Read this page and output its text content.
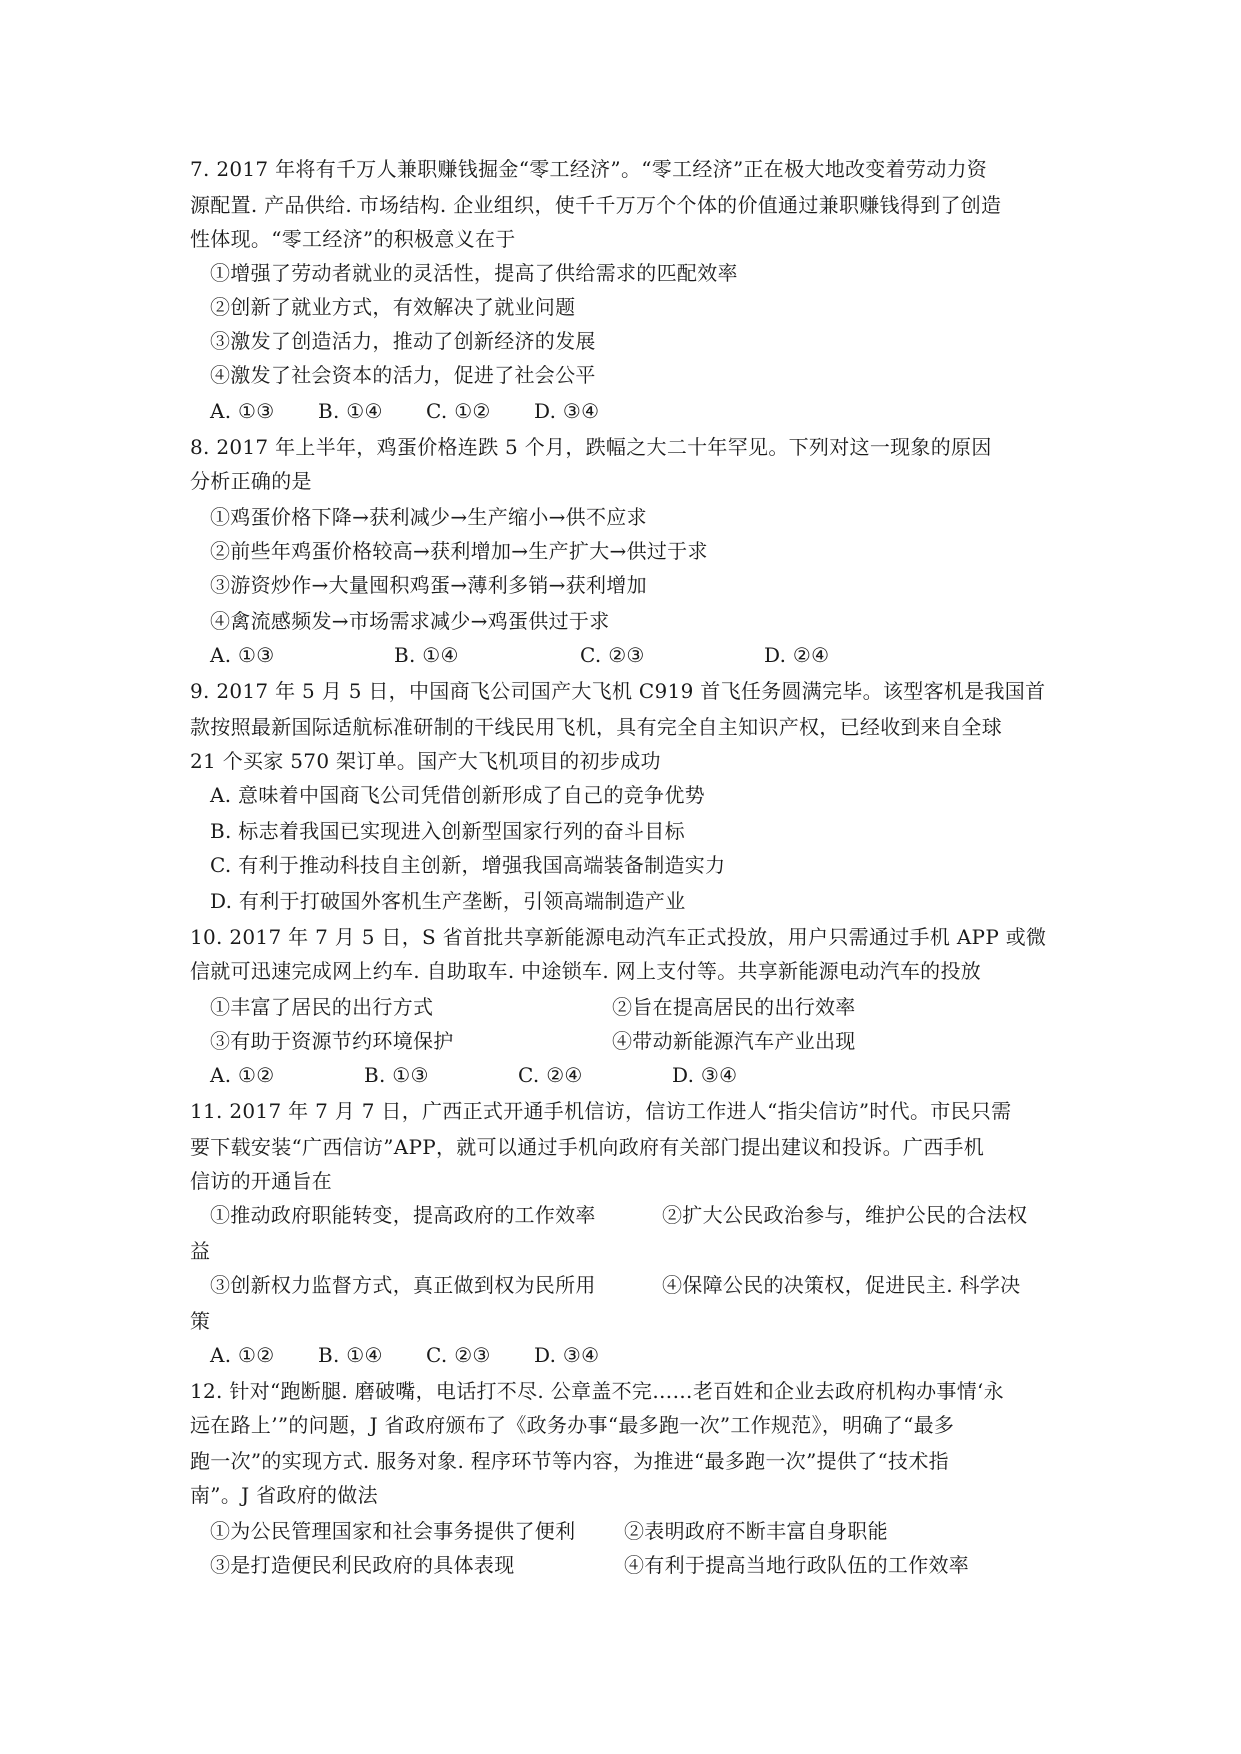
7. 2017 年将有千万人兼职赚钱掘金“零工经济”。“零工经济”正在极大地改变着劳动力资
源配置. 产品供给. 市场结构. 企业组织，使千千万万个个体的价值通过兼职赚钱得到了创造
性体现。“零工经济”的积极意义在于
①增强了劳动者就业的灵活性，提高了供给需求的匹配效率
②创新了就业方式，有效解决了就业问题
③激发了创造活力，推动了创新经济的发展
④激发了社会资本的活力，促进了社会公平
A. ①③ B. ①④ C. ①② D. ③④
8. 2017 年上半年，鸡蛋价格连跌 5 个月，跌幅之大二十年罕见。下列对这一现象的原因
分析正确的是
①鸡蛋价格下降→获利减少→生产缩小→供不应求
②前些年鸡蛋价格较高→获利增加→生产扩大→供过于求
③游资炒作→大量囤积鸡蛋→薄利多销→获利增加
④禽流感频发→市场需求减少→鸡蛋供过于求
A. ①③	B. ①④	C. ②③	D. ②④
9. 2017 年 5 月 5 日，中国商飞公司国产大飞机 C919 首飞任务圆满完毕。该型客机是我国首
款按照最新国际适航标准研制的干线民用飞机，具有完全自主知识产权，已经收到来自全球
21 个买家 570 架订单。国产大飞机项目的初步成功
A. 意味着中国商飞公司凭借创新形成了自己的竞争优势
B. 标志着我国已实现进入创新型国家行列的奋斗目标
C. 有利于推动科技自主创新，增强我国高端装备制造实力
D. 有利于打破国外客机生产垄断，引领高端制造产业
10. 2017 年 7 月 5 日，S 省首批共享新能源电动汽车正式投放，用户只需通过手机 APP 或微
信就可迅速完成网上约车. 自助取车. 中途锁车. 网上支付等。共享新能源电动汽车的投放
①丰富了居民的出行方式	②旨在提高居民的出行效率
③有助于资源节约环境保护	④带动新能源汽车产业出现
A. ①②	B. ①③	C. ②④	D. ③④
11. 2017 年 7 月 7 日，广西正式开通手机信访，信访工作进人“指尖信访”时代。市民只需
要下载安装“广西信访”APP，就可以通过手机向政府有关部门提出建议和投诉。广西手机
信访的开通旨在
①推动政府职能转变，提高政府的工作效率	②扩大公民政治参与，维护公民的合法权
益
③创新权力监督方式，真正做到权为民所用	④保障公民的决策权，促进民主. 科学决
策
A. ①② B. ①④ C. ②③ D. ③④
12. 针对“跑断腿. 磨破嘴，电话打不尽. 公章盖不完……老百姓和企业去政府机构办事情‘永
远在路上’”的问题，J 省政府颁布了《政务办事“最多跑一次”工作规范》，明确了“最多
跑一次”的实现方式. 服务对象. 程序环节等内容，为推进“最多跑一次”提供了“技术指
南”。J 省政府的做法
①为公民管理国家和社会事务提供了便利 ②表明政府不断丰富自身职能
③是打造便民利民政府的具体表现	④有利于提高当地行政队伍的工作效率
